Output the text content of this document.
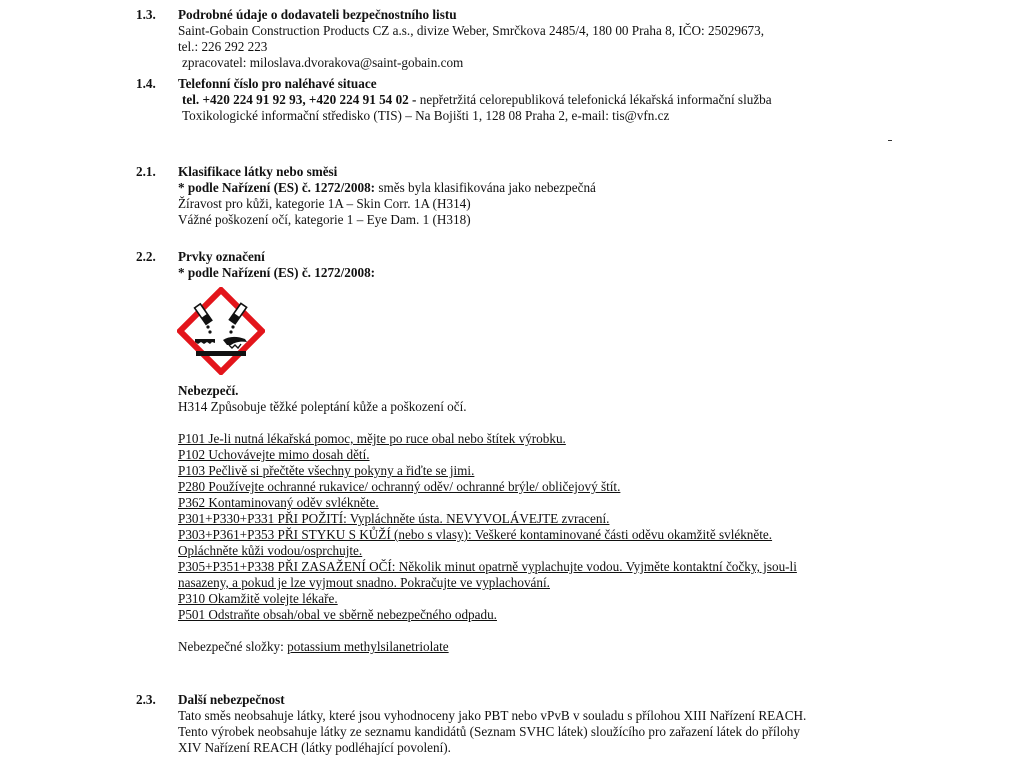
1.3. Podrobné údaje o dodavateli bezpečnostního listu
Saint-Gobain Construction Products CZ a.s., divize Weber, Smrčkova 2485/4, 180 00 Praha 8, IČO: 25029673,
tel.: 226 292 223
zpracovatel: miloslava.dvorakova@saint-gobain.com
1.4. Telefonní číslo pro naléhavé situace
tel. +420 224 91 92 93, +420 224 91 54 02 - nepřetržitá celorepubliková telefonická lékařská informační služba
Toxikologické informační středisko (TIS) – Na Bojišti 1, 128 08 Praha 2, e-mail: tis@vfn.cz
2.1. Klasifikace látky nebo směsi
* podle Nařízení (ES) č. 1272/2008: směs byla klasifikována jako nebezpečná
Žíravost pro kůži, kategorie 1A – Skin Corr. 1A (H314)
Vážné poškození očí, kategorie 1 – Eye Dam. 1 (H318)
2.2. Prvky označení
* podle Nařízení (ES) č. 1272/2008:
Nebezpečí.
H314 Způsobuje těžké poleptání kůže a poškození očí.
P101 Je-li nutná lékařská pomoc, mějte po ruce obal nebo štítek výrobku.
P102 Uchovávejte mimo dosah dětí.
P103 Pečlivě si přečtěte všechny pokyny a řiďte se jimi.
P280 Používejte ochranné rukavice/ ochranný oděv/ ochranné brýle/ obličejový štít.
P362 Kontaminovaný oděv svlékněte.
P301+P330+P331 PŘI POŽITÍ: Vypláchněte ústa. NEVYVOLÁVEJTE zvracení.
P303+P361+P353 PŘI STYKU S KŮŽÍ (nebo s vlasy): Veškeré kontaminované části oděvu okamžitě svlékněte.
Opláchněte kůži vodou/osprchujte.
P305+P351+P338 PŘI ZASAŽENÍ OČÍ: Několik minut opatrně vyplachujte vodou. Vyjměte kontaktní čočky, jsou-li
nasazeny, a pokud je lze vyjmout snadno. Pokračujte ve vyplachování.
P310 Okamžitě volejte lékaře.
P501 Odstraňte obsah/obal ve sběrně nebezpečného odpadu.
Nebezpečné složky: potassium methylsilanetriolate
2.3. Další nebezpečnost
Tato směs neobsahuje látky, které jsou vyhodnoceny jako PBT nebo vPvB v souladu s přílohou XIII Nařízení REACH.
Tento výrobek neobsahuje látky ze seznamu kandidátů (Seznam SVHC látek) sloužícího pro zařazení látek do přílohy
XIV Nařízení REACH (látky podléhající povolení).
